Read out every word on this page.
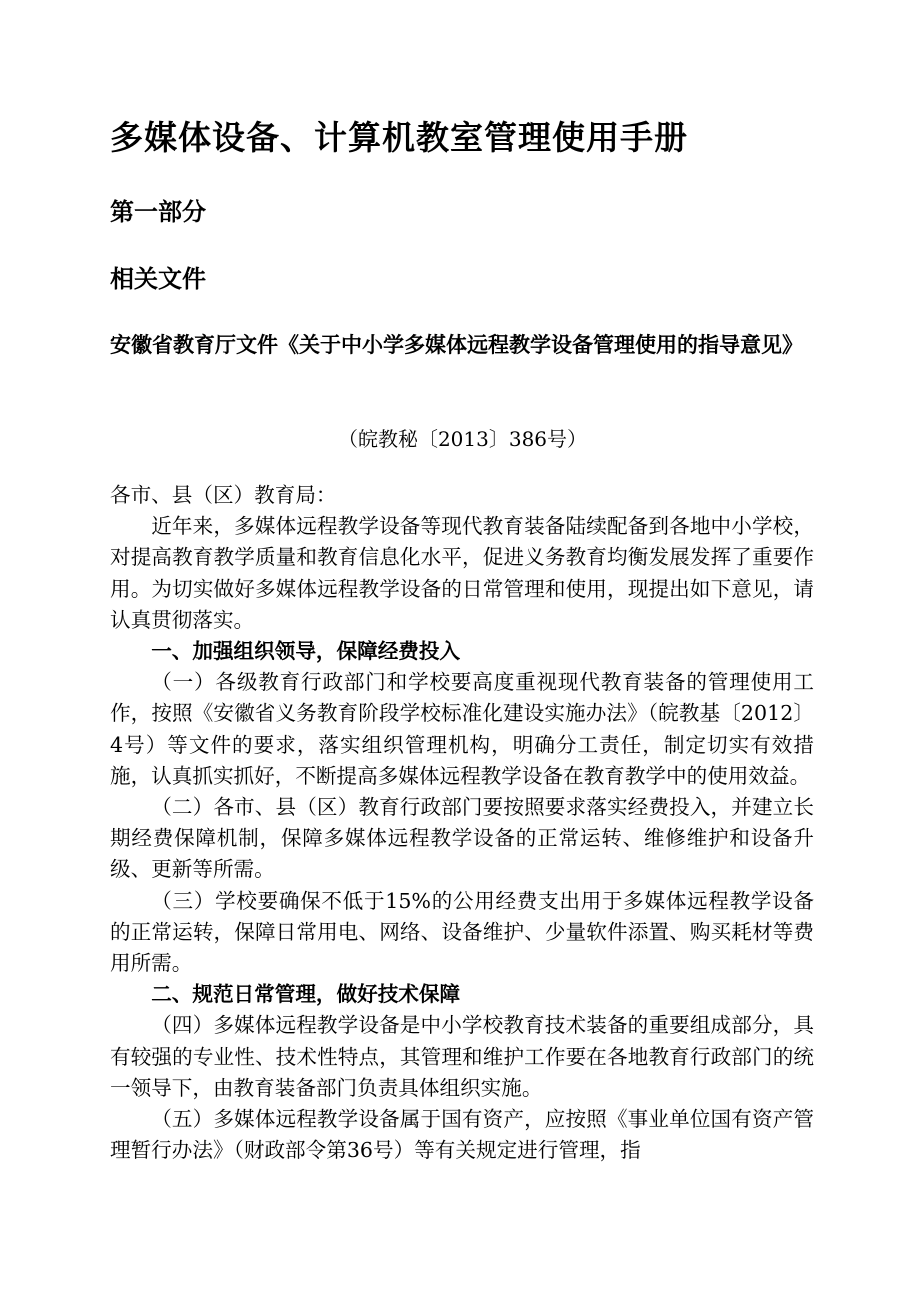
多媒体设备、计算机教室管理使用手册
第一部分
相关文件
安徽省教育厅文件《关于中小学多媒体远程教学设备管理使用的指导意见》
（皖教秘〔2013〕386号）

各市、县（区）教育局：

近年来，多媒体远程教学设备等现代教育装备陆续配备到各地中小学校，对提高教育教学质量和教育信息化水平，促进义务教育均衡发展发挥了重要作用。为切实做好多媒体远程教学设备的日常管理和使用，现提出如下意见，请认真贯彻落实。

一、加强组织领导，保障经费投入

（一）各级教育行政部门和学校要高度重视现代教育装备的管理使用工作，按照《安徽省义务教育阶段学校标准化建设实施办法》（皖教基〔2012〕4号）等文件的要求，落实组织管理机构，明确分工责任，制定切实有效措施，认真抓实抓好，不断提高多媒体远程教学设备在教育教学中的使用效益。

（二）各市、县（区）教育行政部门要按照要求落实经费投入，并建立长期经费保障机制，保障多媒体远程教学设备的正常运转、维修维护和设备升级、更新等所需。

（三）学校要确保不低于15%的公用经费支出用于多媒体远程教学设备的正常运转，保障日常用电、网络、设备维护、少量软件添置、购买耗材等费用所需。

二、规范日常管理，做好技术保障

（四）多媒体远程教学设备是中小学校教育技术装备的重要组成部分，具有较强的专业性、技术性特点，其管理和维护工作要在各地教育行政部门的统一领导下，由教育装备部门负责具体组织实施。

（五）多媒体远程教学设备属于国有资产，应按照《事业单位国有资产管理暂行办法》（财政部令第36号）等有关规定进行管理，指
